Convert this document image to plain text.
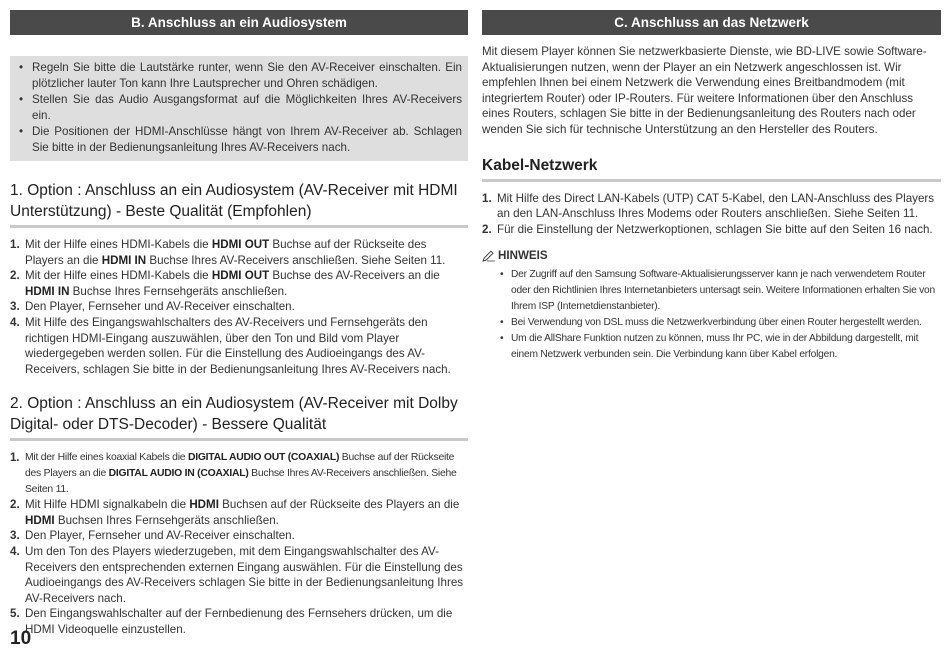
B. Anschluss an ein Audiosystem
• Regeln Sie bitte die Lautstärke runter, wenn Sie den AV-Receiver einschalten. Ein plötzlicher lauter Ton kann Ihre Lautsprecher und Ohren schädigen.
• Stellen Sie das Audio Ausgangsformat auf die Möglichkeiten Ihres AV-Receivers ein.
• Die Positionen der HDMI-Anschlüsse hängt von Ihrem AV-Receiver ab. Schlagen Sie bitte in der Bedienungsanleitung Ihres AV-Receivers nach.
1. Option : Anschluss an ein Audiosystem (AV-Receiver mit HDMI Unterstützung) - Beste Qualität (Empfohlen)
1. Mit der Hilfe eines HDMI-Kabels die HDMI OUT Buchse auf der Rückseite des Players an die HDMI IN Buchse Ihres AV-Receivers anschließen. Siehe Seiten 11.
2. Mit der Hilfe eines HDMI-Kabels die HDMI OUT Buchse des AV-Receivers an die HDMI IN Buchse Ihres Fernsehgeräts anschließen.
3. Den Player, Fernseher und AV-Receiver einschalten.
4. Mit Hilfe des Eingangswahlschalters des AV-Receivers und Fernsehgeräts den richtigen HDMI-Eingang auszuwählen, über den Ton und Bild vom Player wiedergegeben werden sollen. Für die Einstellung des Audioeingangs des AV-Receivers, schlagen Sie bitte in der Bedienungsanleitung Ihres AV-Receivers nach.
2. Option : Anschluss an ein Audiosystem (AV-Receiver mit Dolby Digital- oder DTS-Decoder) - Bessere Qualität
1. Mit der Hilfe eines koaxial Kabels die DIGITAL AUDIO OUT (COAXIAL) Buchse auf der Rückseite des Players an die DIGITAL AUDIO IN (COAXIAL) Buchse Ihres AV-Receivers anschließen. Siehe Seiten 11.
2. Mit Hilfe HDMI signalkabeln die HDMI Buchsen auf der Rückseite des Players an die HDMI Buchsen Ihres Fernsehgeräts anschließen.
3. Den Player, Fernseher und AV-Receiver einschalten.
4. Um den Ton des Players wiederzugeben, mit dem Eingangswahlschalter des AV-Receivers den entsprechenden externen Eingang auswählen. Für die Einstellung des Audioeingangs des AV-Receivers schlagen Sie bitte in der Bedienungsanleitung Ihres AV-Receivers nach.
5. Den Eingangswahlschalter auf der Fernbedienung des Fernsehers drücken, um die HDMI Videoquelle einzustellen.
C. Anschluss an das Netzwerk

Mit diesem Player können Sie netzwerkbasierte Dienste, wie BD-LIVE sowie Software-Aktualisierungen nutzen, wenn der Player an ein Netzwerk angeschlossen ist. Wir empfehlen Ihnen bei einem Netzwerk die Verwendung eines Breitbandmodem (mit integriertem Router) oder IP-Routers. Für weitere Informationen über den Anschluss eines Routers, schlagen Sie bitte in der Bedienungsanleitung des Routers nach oder wenden Sie sich für technische Unterstützung an den Hersteller des Routers.

Kabel-Netzwerk
1. Mit Hilfe des Direct LAN-Kabels (UTP) CAT 5-Kabel, den LAN-Anschluss des Players an den LAN-Anschluss Ihres Modems oder Routers anschließen. Siehe Seiten 11.
2. Für die Einstellung der Netzwerkoptionen, schlagen Sie bitte auf den Seiten 16 nach.
HINWEIS
• Der Zugriff auf den Samsung Software-Aktualisierungsserver kann je nach verwendetem Router oder den Richtlinien Ihres Internetanbieters untersagt sein. Weitere Informationen erhalten Sie von Ihrem ISP (Internetdienstanbieter).
• Bei Verwendung von DSL muss die Netzwerkverbindung über einen Router hergestellt werden.
• Um die AllShare Funktion nutzen zu können, muss Ihr PC, wie in der Abbildung dargestellt, mit einem Netzwerk verbunden sein. Die Verbindung kann über Kabel erfolgen.
10
